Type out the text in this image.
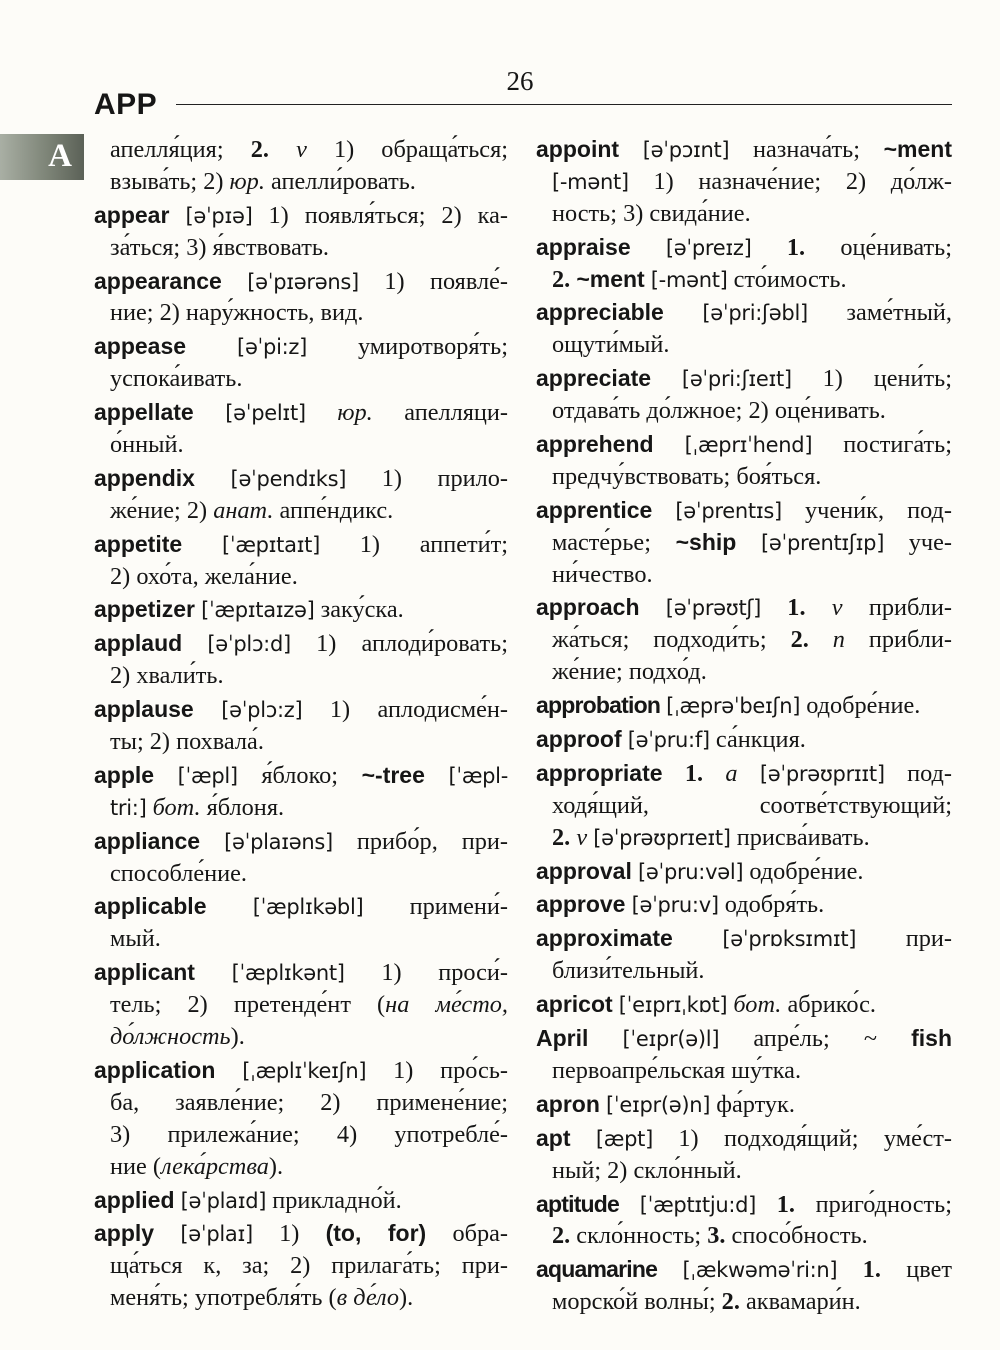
26
APP
A	апелля́ция; 2. v 1) обраща́ться;
взыва́ть; 2) юр. апелли́ровать.
appear [əˈpɪə] 1) появля́ться; 2) ка-
за́ться; 3) я́вствовать.
appearance [əˈpɪərəns] 1) появле́-
ние; 2) нару́жность, вид.
appease [əˈpi:z] умиротворя́ть;
успока́ивать.
appellate [əˈpelɪt] юр. апелляци-
о́нный.
appendix [əˈpendɪks] 1) прило-
же́ние; 2) анат. аппе́ндикс.
appetite [ˈæpɪtaɪt] 1) аппети́т;
2) охо́та, жела́ние.
appetizer [ˈæpɪtaɪzə] заку́ска.
applaud [əˈplɔ:d] 1) аплоди́ровать;
2) хвали́ть.
applause [əˈplɔ:z] 1) аплодисме́н-
ты; 2) похвала́.
apple [ˈæpl] я́блоко; ~-tree [ˈæpl-
tri:] бот. я́блоня.
appliance [əˈplaɪəns] прибо́р, при-
способле́ние.
applicable [ˈæplɪkəbl] примени́-
мый.
applicant [ˈæplɪkənt] 1) проси́-
тель; 2) претенде́нт (на ме́сто,
до́лжность).
application [ˌæplɪˈkeɪʃn] 1) про́сь-
ба, заявле́ние; 2) примене́ние;
3) прилежа́ние; 4) употребле́-
ние (лека́рства).
applied [əˈplaɪd] прикладно́й.
apply [əˈplaɪ] 1) (to, for) обра-
ща́ться к, за; 2) прилага́ть; при-
меня́ть; употребля́ть (в де́ло).
appoint [əˈpɔɪnt] назнача́ть; ~ment
[-mənt] 1) назначе́ние; 2) до́лж-
ность; 3) свида́ние.
appraise [əˈpreɪz] 1. оце́нивать;
2. ~ment [-mənt] сто́имость.
appreciable [əˈpri:ʃəbl] заме́тный,
ощути́мый.
appreciate [əˈpri:ʃɪeɪt] 1) цени́ть;
отдава́ть до́лжное; 2) оце́нивать.
apprehend [ˌæprɪˈhend] постига́ть;
предчу́вствовать; боя́ться.
apprentice [əˈprentɪs] учени́к, под-
масте́рье; ~ship [əˈprentɪʃɪp] уче-
ни́чество.
approach [əˈprəʊtʃ] 1. v прибли-
жа́ться; подходи́ть; 2. n прибли-
же́ние; подхо́д.
approbation [ˌæprəˈbeɪʃn] одобре́ние.
approof [əˈpru:f] са́нкция.
appropriate 1. a [əˈprəʊprɪɪt] под-
ходя́щий, соотве́тствующий;
2. v [əˈprəʊprɪeɪt] присва́ивать.
approval [əˈpru:vəl] одобре́ние.
approve [əˈpru:v] одобря́ть.
approximate [əˈprɒksɪmɪt] при-
близи́тельный.
apricot [ˈeɪprɪˌkɒt] бот. абрико́с.
April [ˈeɪpr(ə)l] апре́ль; ~ fish
первоапре́льская шу́тка.
apron [ˈeɪpr(ə)n] фа́ртук.
apt [æpt] 1) подходя́щий; уме́ст-
ный; 2) скло́нный.
aptitude [ˈæptɪtju:d] 1. приго́дность;
2. скло́нность; 3. спосо́бность.
aquamarine [ˌækwəməˈri:n] 1. цвет
морско́й волны́; 2. аквамари́н.
